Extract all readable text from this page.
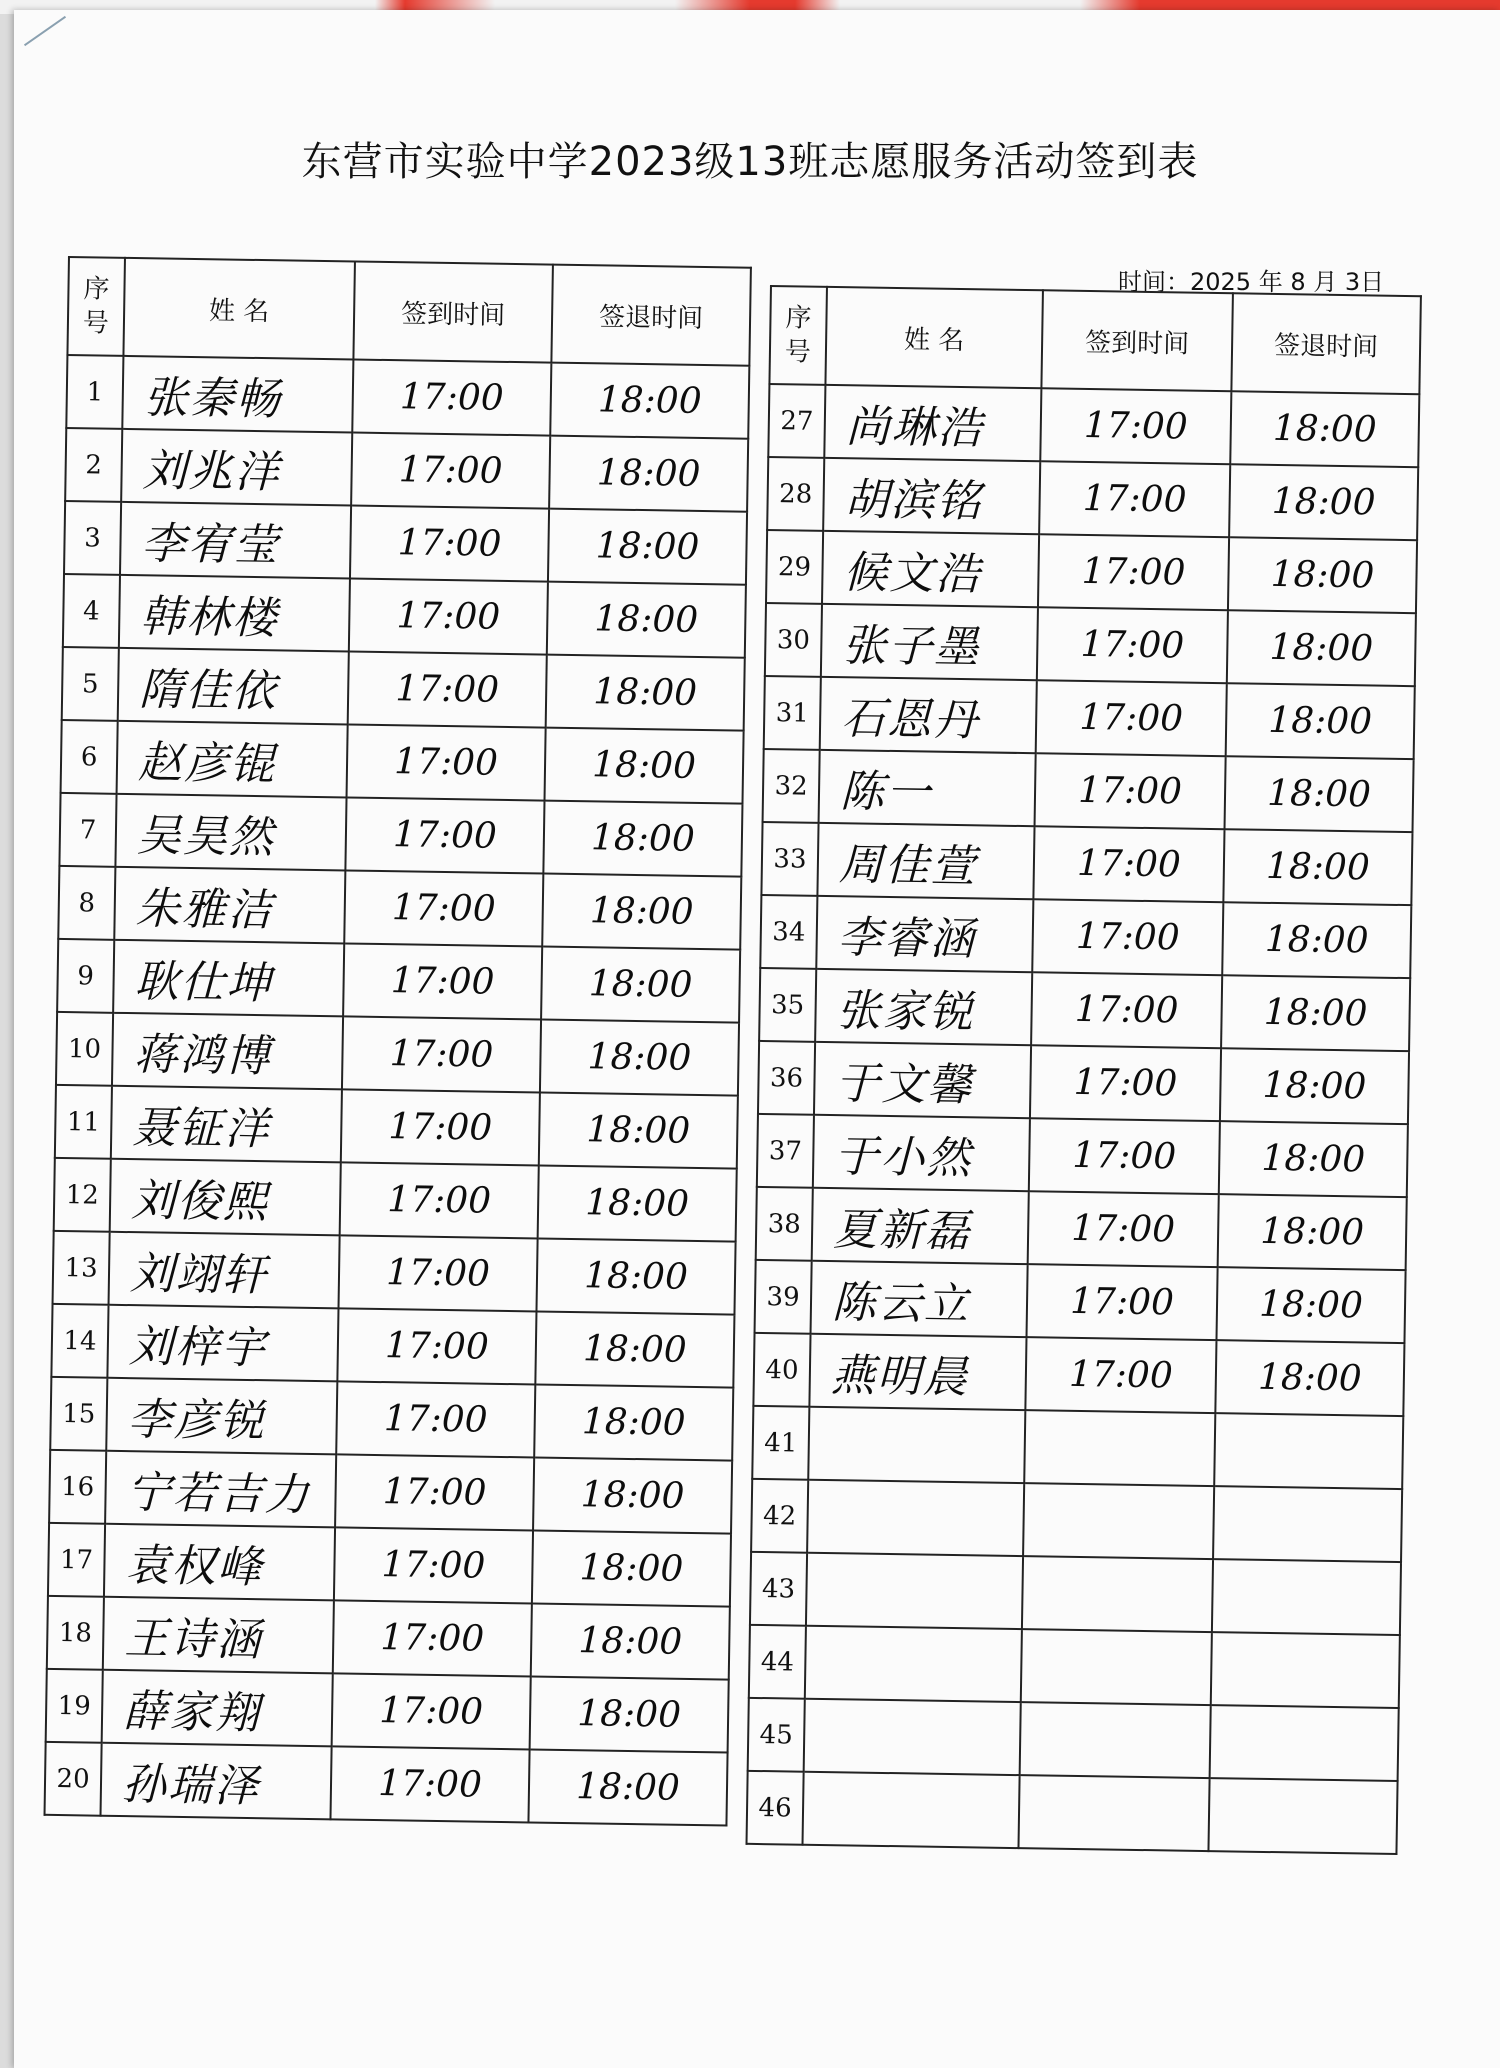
东营市实验中学2023级13班志愿服务活动签到表
时间：2025 年 8 月 3日
序号	姓 名	签到时间	签退时间
1	张秦畅	17:00	18:00
2	刘兆洋	17:00	18:00
3	李宥莹	17:00	18:00
4	韩林楼	17:00	18:00
5	隋佳依	17:00	18:00
6	赵彦锟	17:00	18:00
7	吴昊然	17:00	18:00
8	朱雅洁	17:00	18:00
9	耿仕坤	17:00	18:00
10	蒋鸿博	17:00	18:00
11	聂钲洋	17:00	18:00
12	刘俊熙	17:00	18:00
13	刘翊轩	17:00	18:00
14	刘梓宇	17:00	18:00
15	李彦锐	17:00	18:00
16	宁若吉力	17:00	18:00
17	袁权峰	17:00	18:00
18	王诗涵	17:00	18:00
19	薛家翔	17:00	18:00
20	孙瑞泽	17:00	18:00
序号	姓 名	签到时间	签退时间
27	尚琳浩	17:00	18:00
28	胡滨铭	17:00	18:00
29	候文浩	17:00	18:00
30	张子墨	17:00	18:00
31	石恩丹	17:00	18:00
32	陈一	17:00	18:00
33	周佳萱	17:00	18:00
34	李睿涵	17:00	18:00
35	张家锐	17:00	18:00
36	于文馨	17:00	18:00
37	于小然	17:00	18:00
38	夏新磊	17:00	18:00
39	陈云立	17:00	18:00
40	燕明晨	17:00	18:00
41			
42			
43			
44			
45			
46			
